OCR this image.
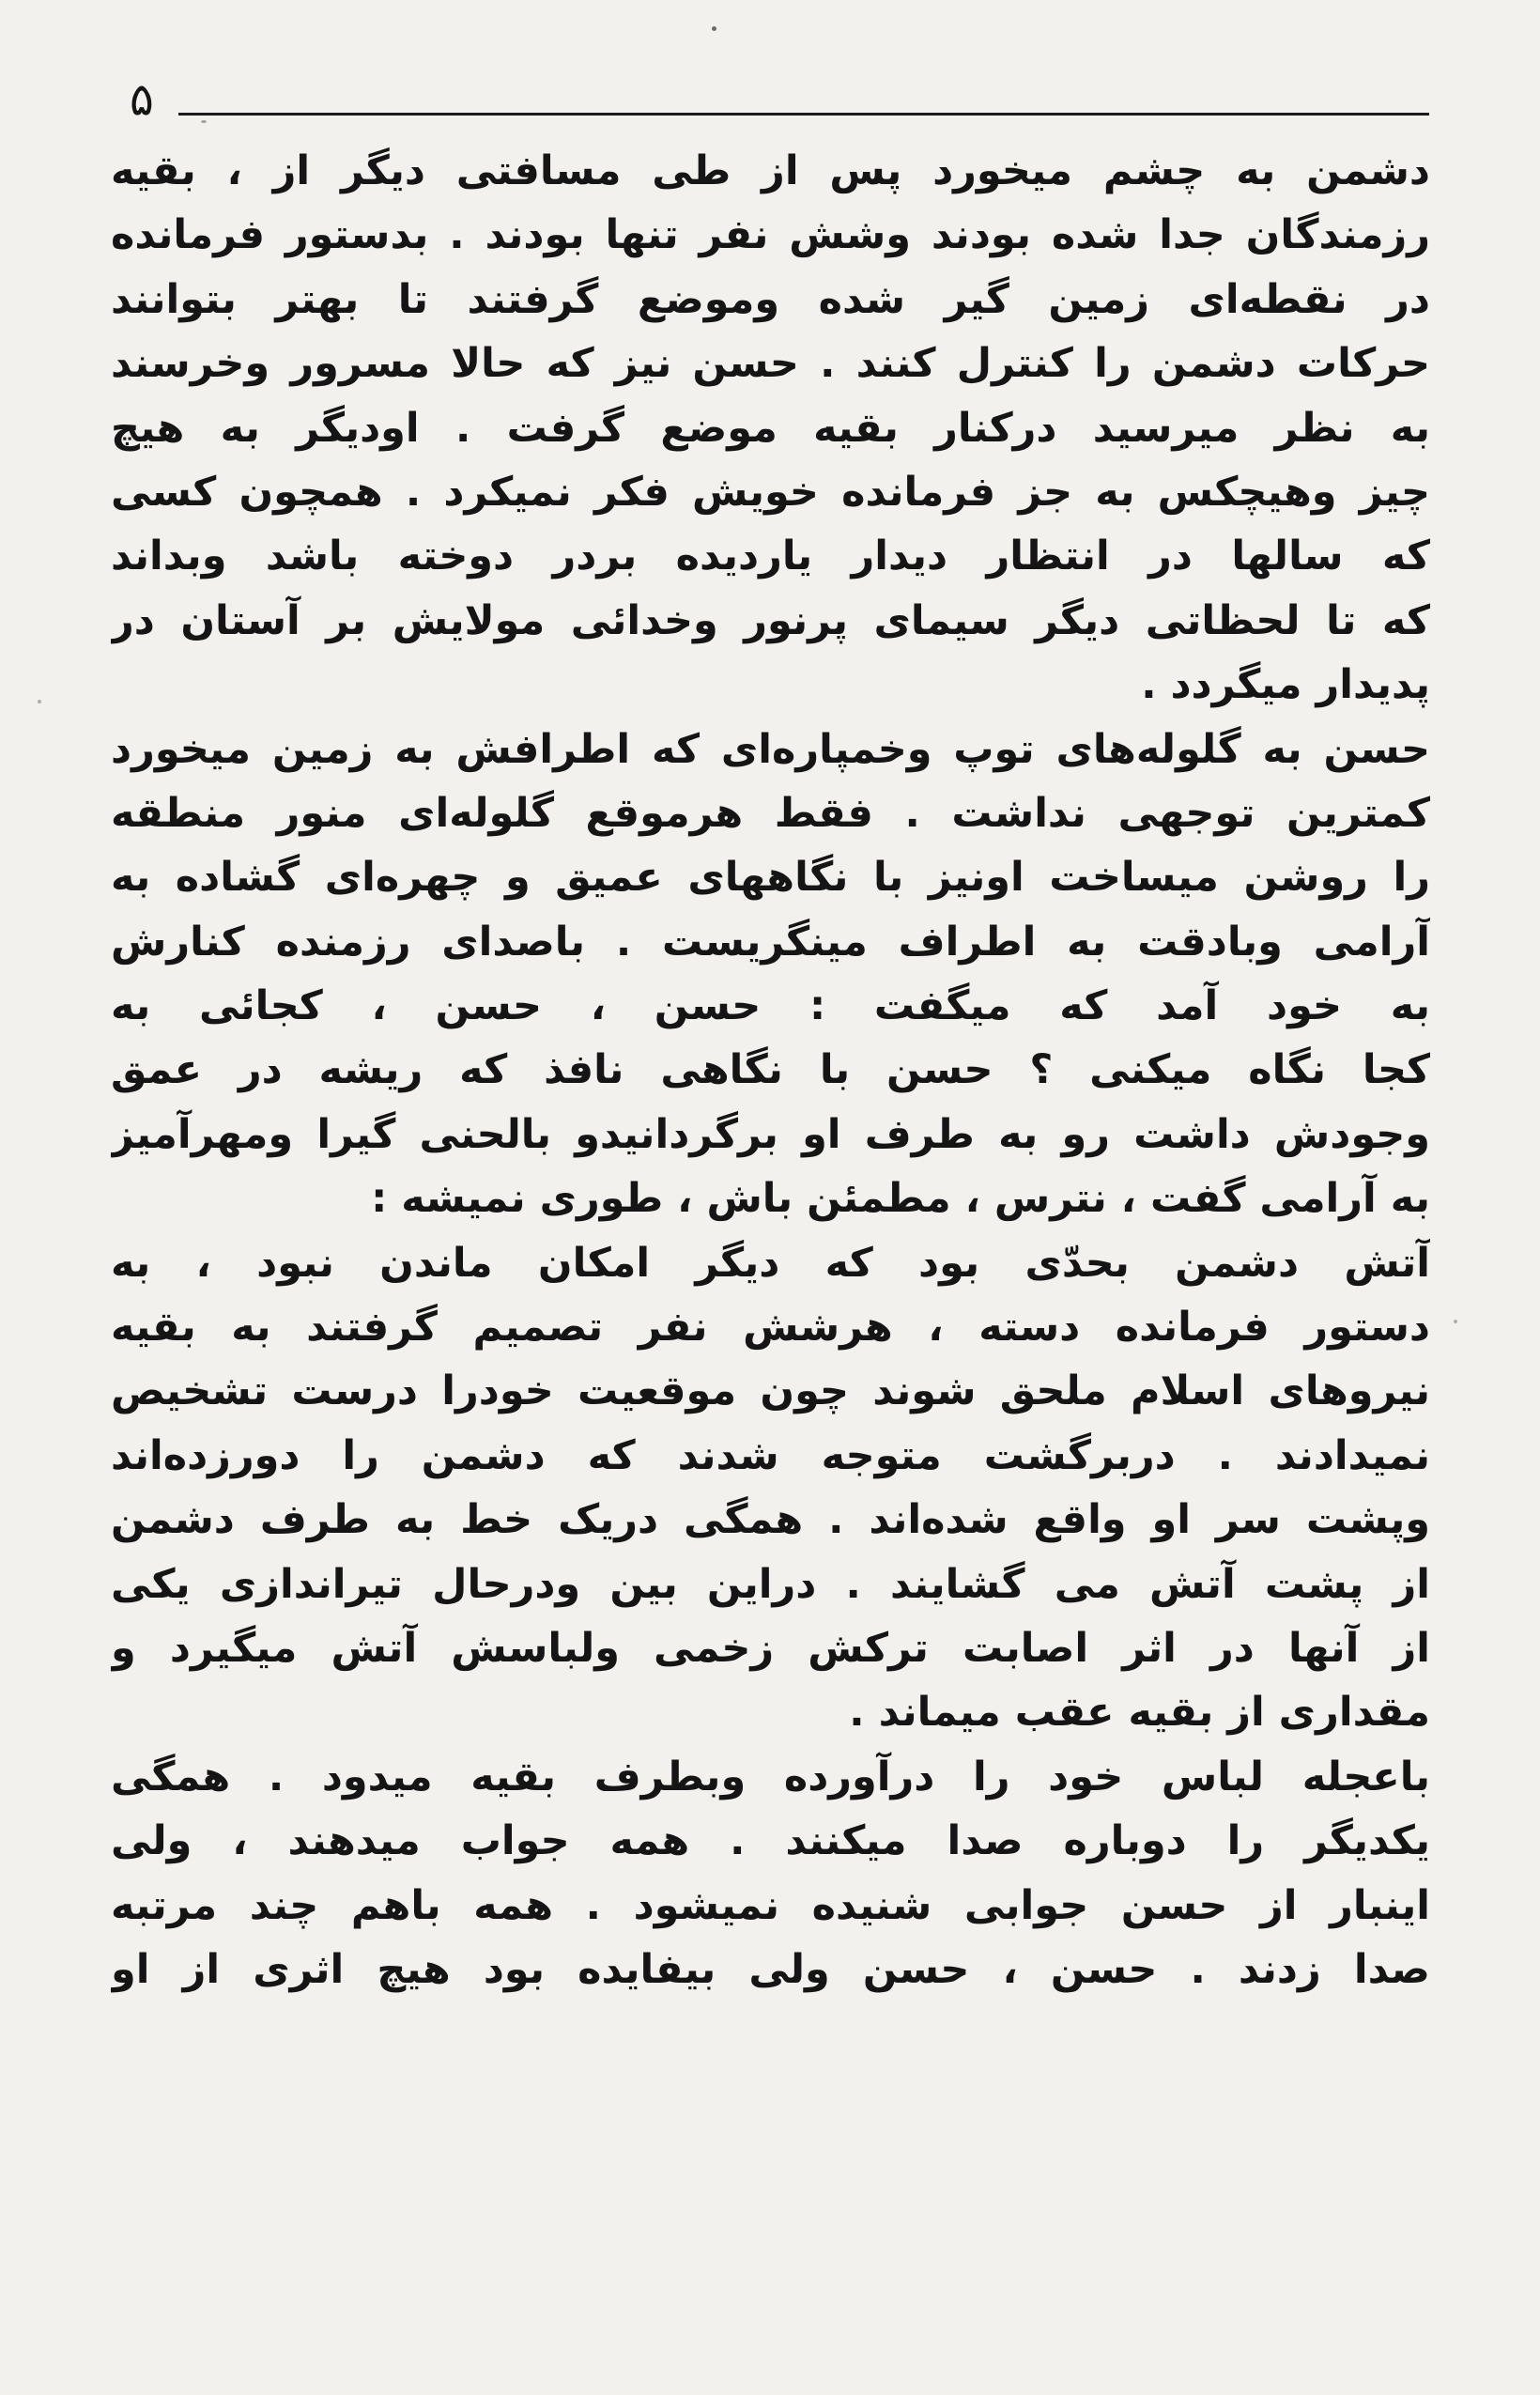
۵
دشمن به چشم میخورد پس از طی مسافتی دیگر از ، بقیه
رزمندگان جدا شده بودند وشش نفر تنها بودند . بدستور فرمانده
در نقطه‌ای زمین گیر شده وموضع گرفتند تا بهتر بتوانند
حرکات دشمن را کنترل کنند . حسن نیز که حالا مسرور وخرسند
به نظر میرسید درکنار بقیه موضع گرفت . اودیگر به هیچ
چیز وهیچکس به جز فرمانده خویش فکر نمیکرد . همچون کسی
که سالها در انتظار دیدار یاردیده بردر دوخته باشد وبداند
که تا لحظاتی دیگر سیمای پرنور وخدائی مولایش بر آستان در
پدیدار میگردد .
حسن به گلوله‌های توپ وخمپاره‌ای که اطرافش به زمین میخورد
کمترین توجهی نداشت . فقط هرموقع گلوله‌ای منور منطقه
را روشن میساخت اونیز با نگاههای عمیق و چهره‌ای گشاده به
آرامی وبادقت به اطراف مینگریست . باصدای رزمنده کنارش
به خود آمد که میگفت : حسن ، حسن ، کجائی به
کجا نگاه میکنی ؟ حسن با نگاهی نافذ که ریشه در عمق
وجودش داشت رو به طرف او برگردانیدو بالحنی گیرا ومهرآمیز
به آرامی گفت ، نترس ، مطمئن باش ، طوری نمیشه :
آتش دشمن بحدّی بود که دیگر امکان ماندن نبود ، به
دستور فرمانده دسته ، هرشش نفر تصمیم گرفتند به بقیه
نیروهای اسلام ملحق شوند چون موقعیت خودرا درست تشخیص
نمیدادند . دربرگشت متوجه شدند که دشمن را دورزده‌اند
وپشت سر او واقع شده‌اند . همگی دریک خط به طرف دشمن
از پشت آتش می گشایند . دراین بین ودرحال تیراندازی یکی
از آنها در اثر اصابت ترکش زخمی ولباسش آتش میگیرد و
مقداری از بقیه عقب میماند .
باعجله لباس خود را درآورده وبطرف بقیه میدود . همگی
یکدیگر را دوباره صدا میکنند . همه جواب میدهند ، ولی
اینبار از حسن جوابی شنیده نمیشود . همه باهم چند مرتبه
صدا زدند . حسن ، حسن ولی بیفایده بود هیچ اثری از او
